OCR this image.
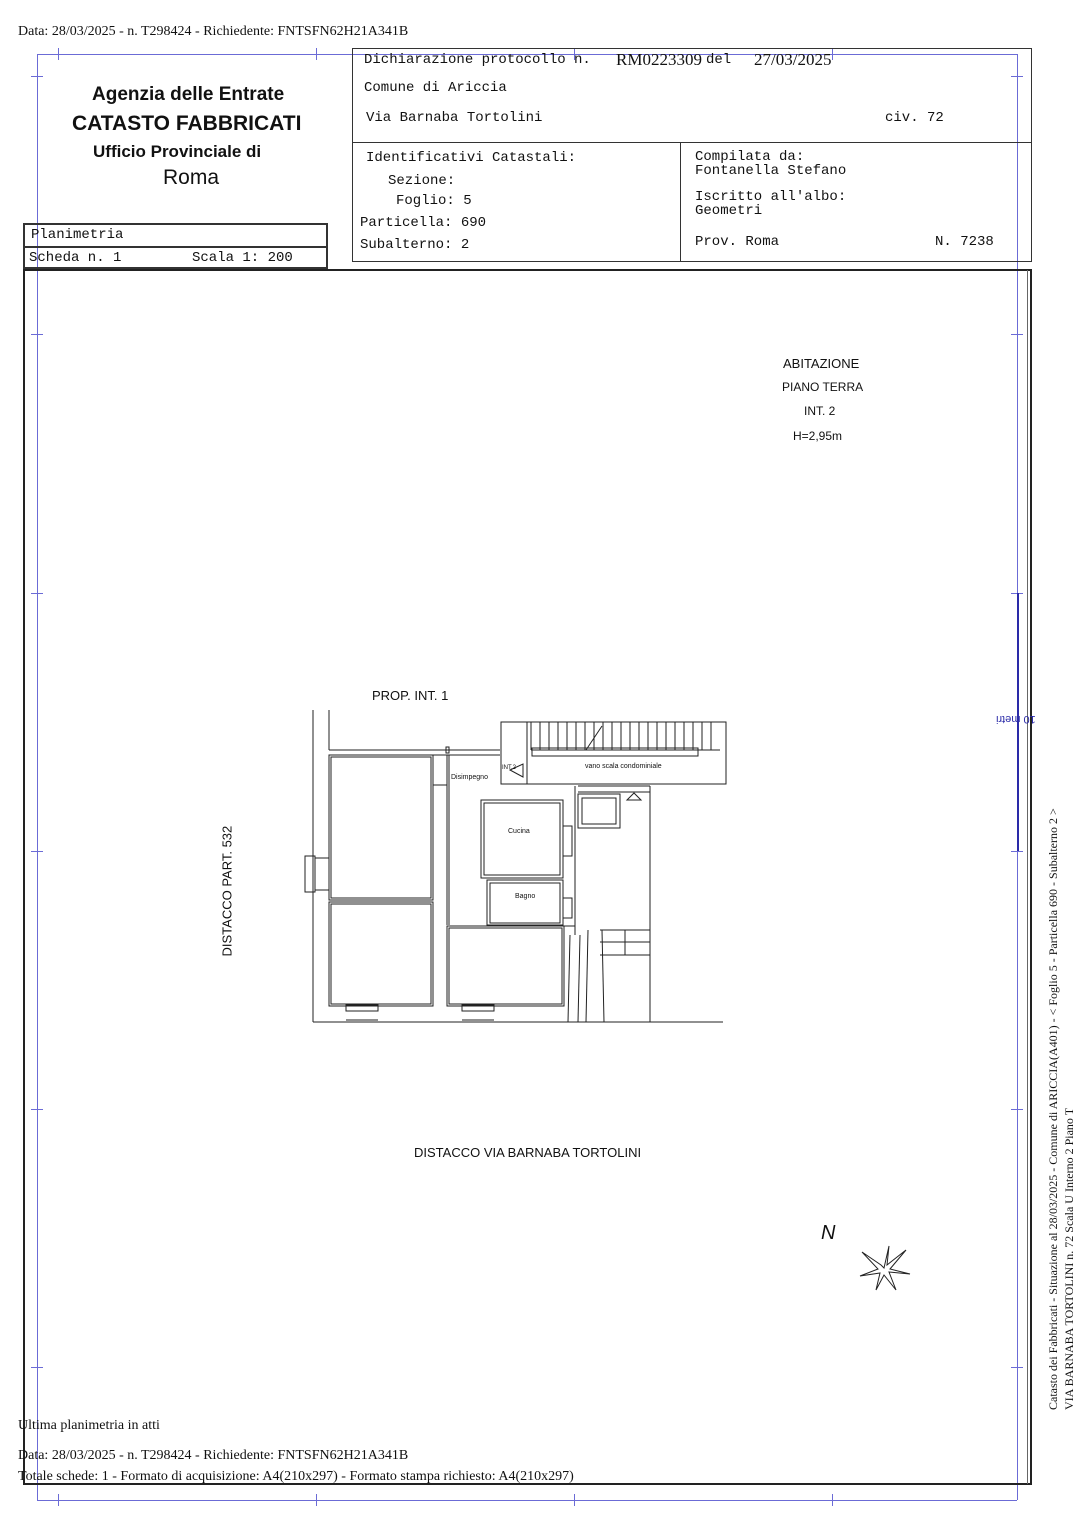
Data: 28/03/2025 - n. T298424 - Richiedente: FNTSFN62H21A341B
Agenzia delle Entrate
CATASTO FABBRICATI
Ufficio Provinciale di
Roma
Planimetria
Scheda n. 1	Scala 1: 200
Dichiarazione protocollo n. RM0223309 del 27/03/2025
Comune di Ariccia
Via Barnaba Tortolini	civ. 72
Identificativi Catastali:
Sezione:
Foglio: 5
Particella: 690
Subalterno: 2
Compilata da:
Fontanella Stefano
Iscritto all'albo:
Geometri
Prov. Roma	N. 7238
ABITAZIONE
PIANO TERRA
INT. 2
H=2,95m
PROP. INT. 1
DISTACCO VIA BARNABA TORTOLINI
DISTACCO PART. 532
vano scala condominiale
INT.2
Disimpegno
Cucina
Bagno
N
10 metri
Catasto dei Fabbricati - Situazione al 28/03/2025 - Comune di ARICCIA(A401) - < Foglio 5 - Particella 690 - Subalterno 2 > VIA BARNABA TORTOLINI n. 72 Scala U Interno 2 Piano T
Ultima planimetria in atti
Data: 28/03/2025 - n. T298424 - Richiedente: FNTSFN62H21A341B
Totale schede: 1 - Formato di acquisizione: A4(210x297) - Formato stampa richiesto: A4(210x297)
